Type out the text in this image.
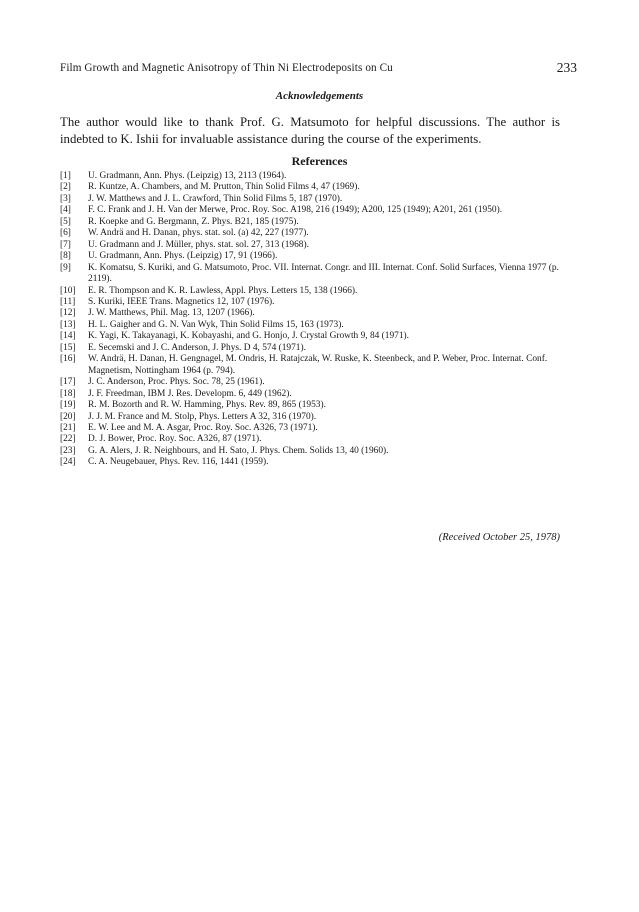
Film Growth and Magnetic Anisotropy of Thin Ni Electrodeposits on Cu	233
Acknowledgements
The author would like to thank Prof. G. Matsumoto for helpful discussions. The author is indebted to K. Ishii for invaluable assistance during the course of the experiments.
References
[1] U. Gradmann, Ann. Phys. (Leipzig) 13, 2113 (1964).
[2] R. Kuntze, A. Chambers, and M. Prutton, Thin Solid Films 4, 47 (1969).
[3] J. W. Matthews and J. L. Crawford, Thin Solid Films 5, 187 (1970).
[4] F. C. Frank and J. H. Van der Merwe, Proc. Roy. Soc. A198, 216 (1949); A200, 125 (1949); A201, 261 (1950).
[5] R. Koepke and G. Bergmann, Z. Phys. B21, 185 (1975).
[6] W. Andrä and H. Danan, phys. stat. sol. (a) 42, 227 (1977).
[7] U. Gradmann and J. Müller, phys. stat. sol. 27, 313 (1968).
[8] U. Gradmann, Ann. Phys. (Leipzig) 17, 91 (1966).
[9] K. Komatsu, S. Kuriki, and G. Matsumoto, Proc. VII. Internat. Congr. and III. Internat. Conf. Solid Surfaces, Vienna 1977 (p. 2119).
[10] E. R. Thompson and K. R. Lawless, Appl. Phys. Letters 15, 138 (1966).
[11] S. Kuriki, IEEE Trans. Magnetics 12, 107 (1976).
[12] J. W. Matthews, Phil. Mag. 13, 1207 (1966).
[13] H. L. Gaigher and G. N. Van Wyk, Thin Solid Films 15, 163 (1973).
[14] K. Yagi, K. Takayanagi, K. Kobayashi, and G. Honjo, J. Crystal Growth 9, 84 (1971).
[15] E. Secemski and J. C. Anderson, J. Phys. D 4, 574 (1971).
[16] W. Andrä, H. Danan, H. Gengnagel, M. Ondris, H. Ratajczak, W. Ruske, K. Steenbeck, and P. Weber, Proc. Internat. Conf. Magnetism, Nottingham 1964 (p. 794).
[17] J. C. Anderson, Proc. Phys. Soc. 78, 25 (1961).
[18] J. F. Freedman, IBM J. Res. Developm. 6, 449 (1962).
[19] R. M. Bozorth and R. W. Hamming, Phys. Rev. 89, 865 (1953).
[20] J. J. M. France and M. Stolp, Phys. Letters A 32, 316 (1970).
[21] E. W. Lee and M. A. Asgar, Proc. Roy. Soc. A326, 73 (1971).
[22] D. J. Bower, Proc. Roy. Soc. A326, 87 (1971).
[23] G. A. Alers, J. R. Neighbours, and H. Sato, J. Phys. Chem. Solids 13, 40 (1960).
[24] C. A. Neugebauer, Phys. Rev. 116, 1441 (1959).
(Received October 25, 1978)
